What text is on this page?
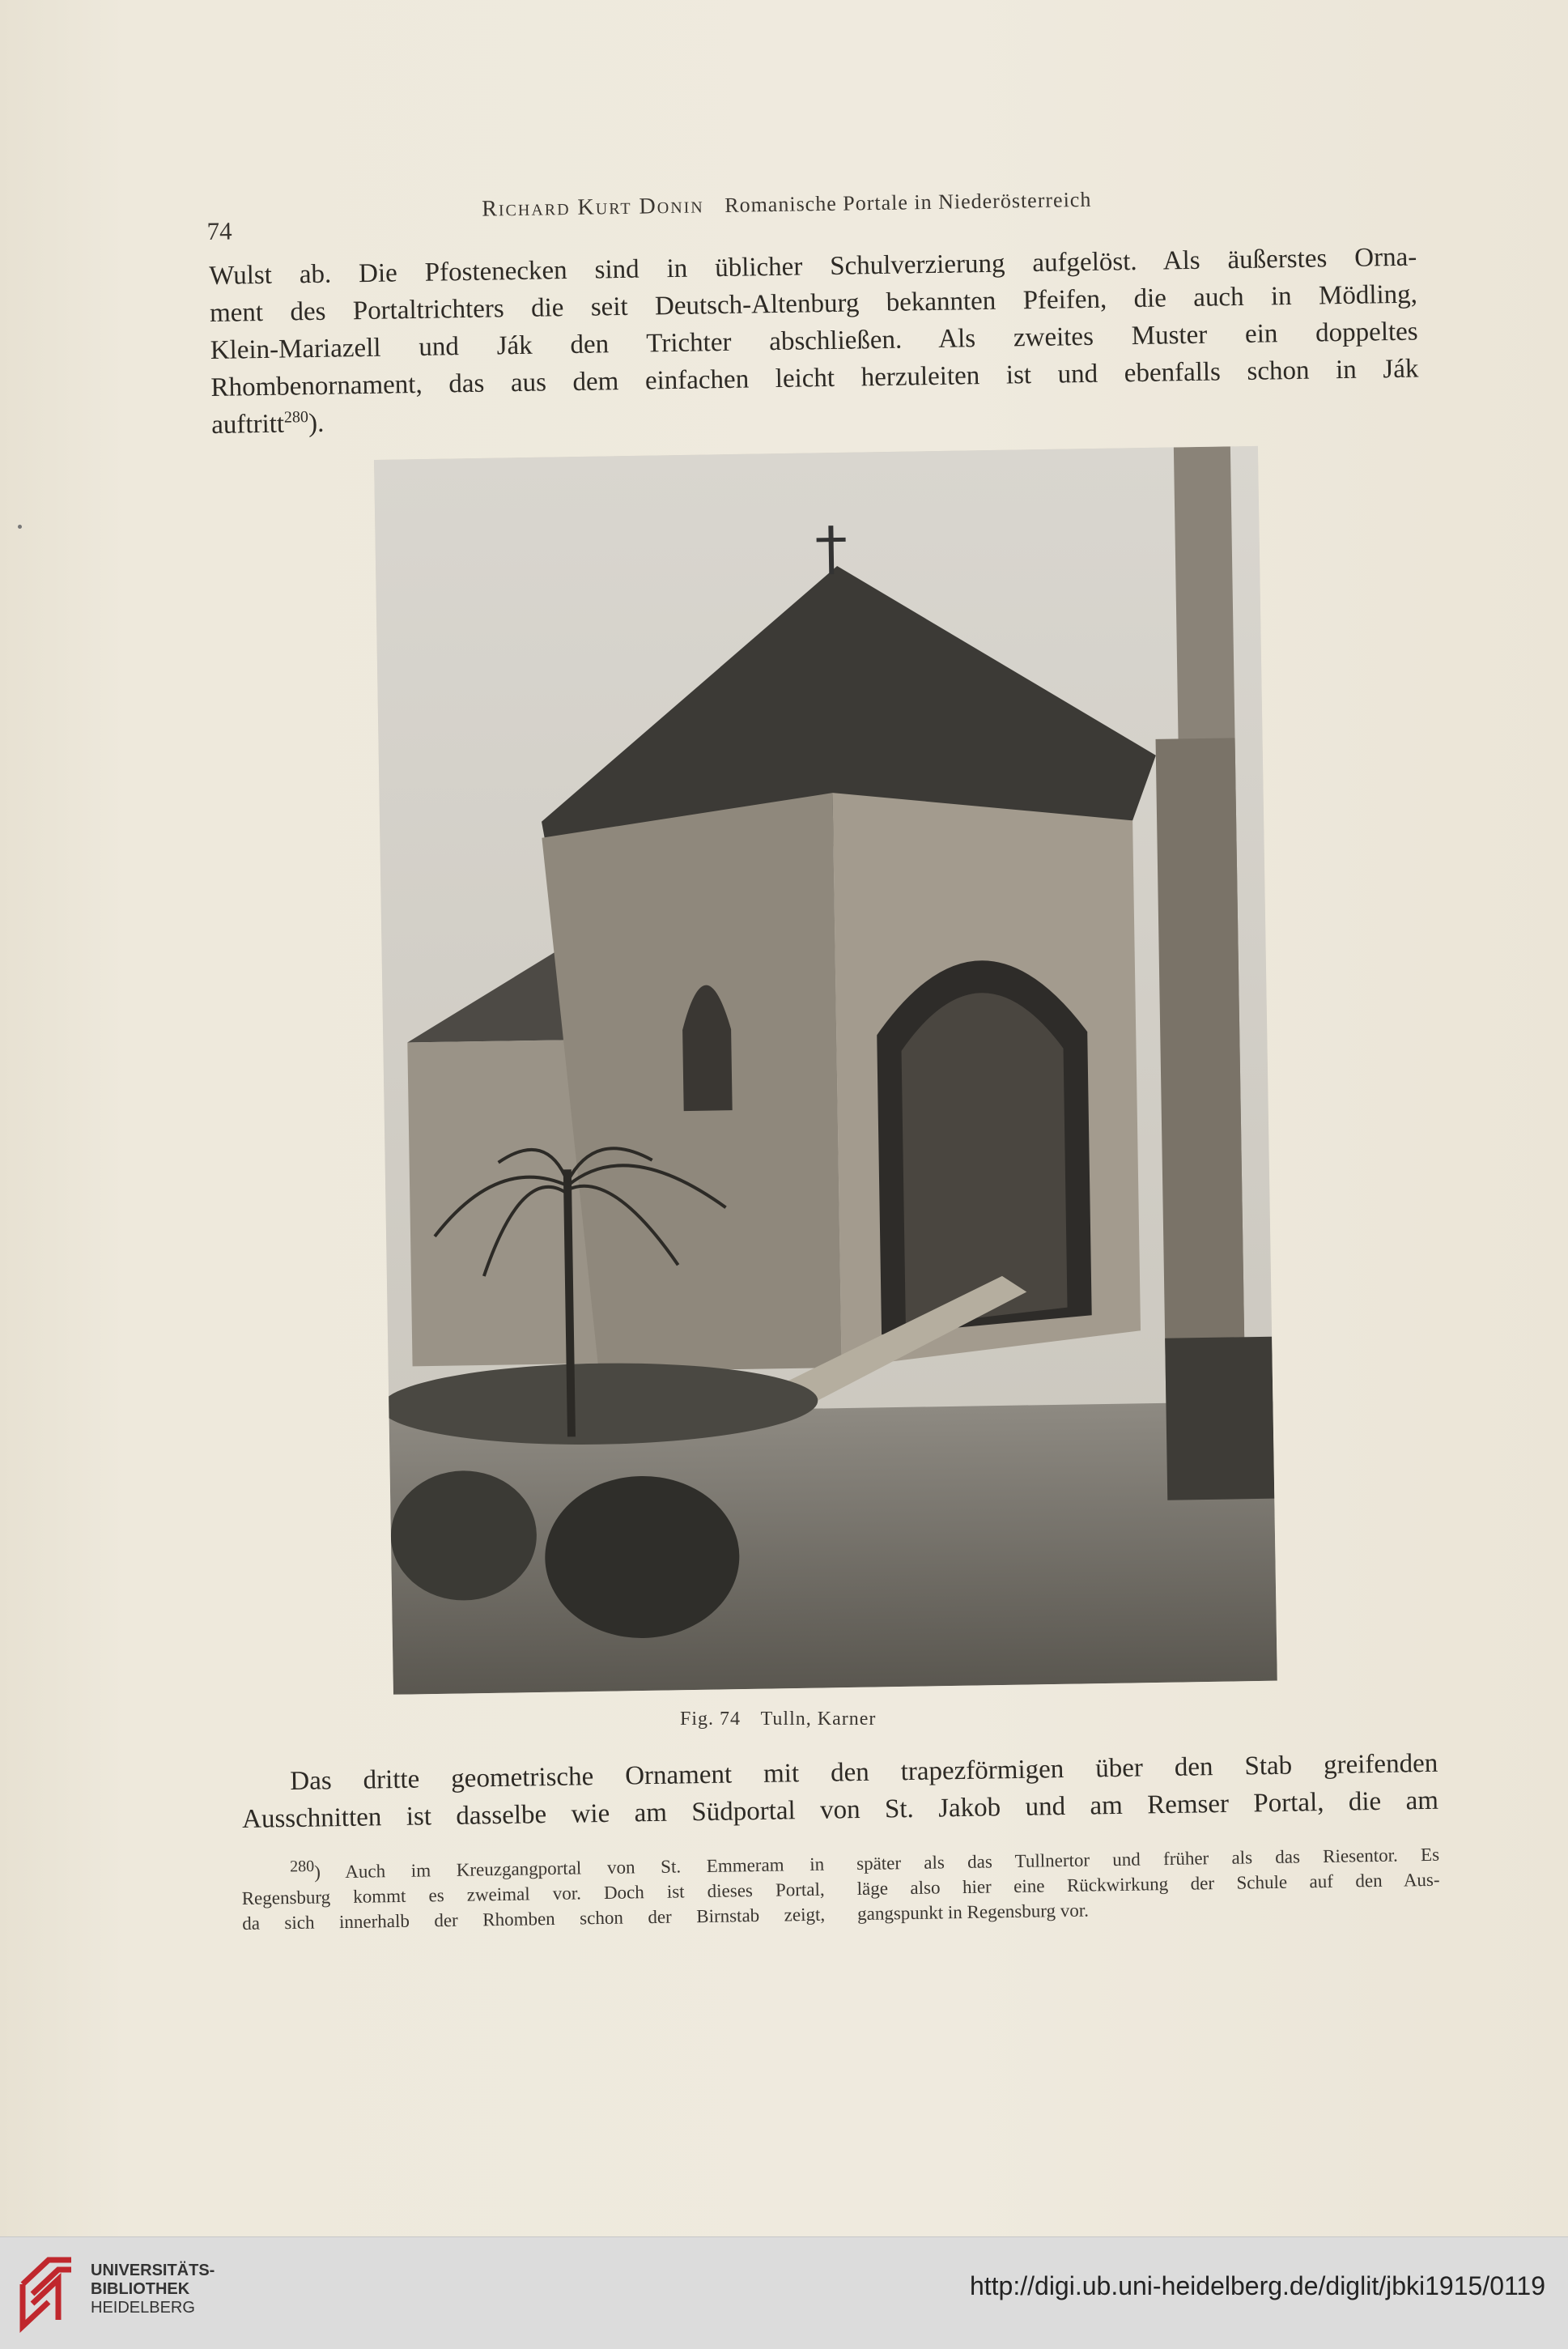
74
Richard Kurt Donin Romanische Portale in Niederösterreich
Wulst ab. Die Pfostenecken sind in üblicher Schulverzierung aufgelöst. Als äußerstes Orna-
ment des Portaltrichters die seit Deutsch-Altenburg bekannten Pfeifen, die auch in Mödling,
Klein-Mariazell und Ják den Trichter abschließen. Als zweites Muster ein doppeltes
Rhombenornament, das aus dem einfachen leicht herzuleiten ist und ebenfalls schon in Ják
auftritt$^{280}$).
Fig. 74 Tulln, Karner
Das dritte geometrische Ornament mit den trapezförmigen über den Stab greifenden
Ausschnitten ist dasselbe wie am Südportal von St. Jakob und am Remser Portal, die am
$^{280}$) Auch im Kreuzgangportal von St. Emmeram in
Regensburg kommt es zweimal vor. Doch ist dieses Portal,
da sich innerhalb der Rhomben schon der Birnstab zeigt,
später als das Tullnertor und früher als das Riesentor. Es
läge also hier eine Rückwirkung der Schule auf den Aus-
gangspunkt in Regensburg vor.
UNIVERSITÄTS-
BIBLIOTHEK
HEIDELBERG
http://digi.ub.uni-heidelberg.de/diglit/jbki1915/0119
